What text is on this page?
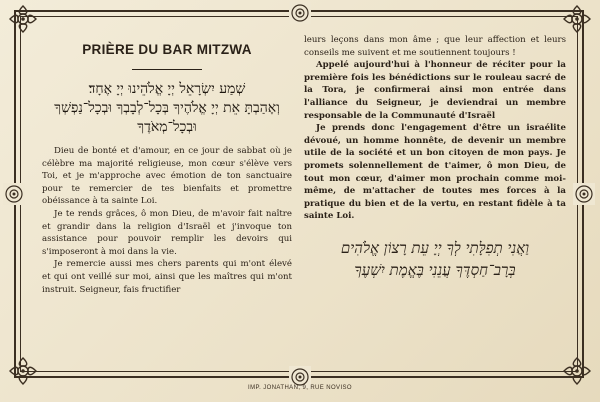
PRIÈRE DU BAR MITZWA
שְׁמַע יִשְׂרָאֵל יְיָ אֱלֹהֵינוּ יְיָ אֶחָד׃
וְאָהַבְתָּ אֵת יְיָ אֱלֹהֶיךָ בְּכָל־לְבָבְךָ וּבְכָל־נַפְשְׁךָ
וּבְכָל־מְאֹדֶךָ

Dieu de bonté et d'amour, en ce jour de sabbat où je célèbre ma majorité religieuse, mon cœur s'élève vers Toi, et je m'approche avec émotion de ton sanctuaire pour te remercier de tes bienfaits et promettre obéissance à ta sainte Loi.

Je te rends grâces, ô mon Dieu, de m'avoir fait naître et grandir dans la religion d'Israël et j'invoque ton assistance pour pouvoir remplir les devoirs qui s'imposeront à moi dans la vie.

Je remercie aussi mes chers parents qui m'ont élevé et qui ont veillé sur moi, ainsi que les maîtres qui m'ont instruit. Seigneur, fais fructifier

leurs leçons dans mon âme ; que leur affection et leurs conseils me suivent et me soutiennent toujours !

Appelé aujourd'hui à l'honneur de réciter pour la première fois les bénédictions sur le rouleau sacré de la Tora, je confirmerai ainsi mon entrée dans l'alliance du Seigneur, je deviendrai un membre responsable de la Communauté d'Israël

Je prends donc l'engagement d'être un israélite dévoué, un homme honnête, de devenir un membre utile de la société et un bon citoyen de mon pays. Je promets solennellement de t'aimer, ô mon Dieu, de tout mon cœur, d'aimer mon prochain comme moi-même, de m'attacher de toutes mes forces à la pratique du bien et de la vertu, en restant fidèle à ta sainte Loi.

וַאֲנִי תְפִלָּתִי לְךָ יְיָ עֵת רָצוֹן אֱלֹהִים
בְּרָב־חַסְדֶּךָ עֲנֵנִי בֶּאֱמֶת יִשְׁעֶךָ
IMP. JONATHAN, 9, RUE NOVISO
